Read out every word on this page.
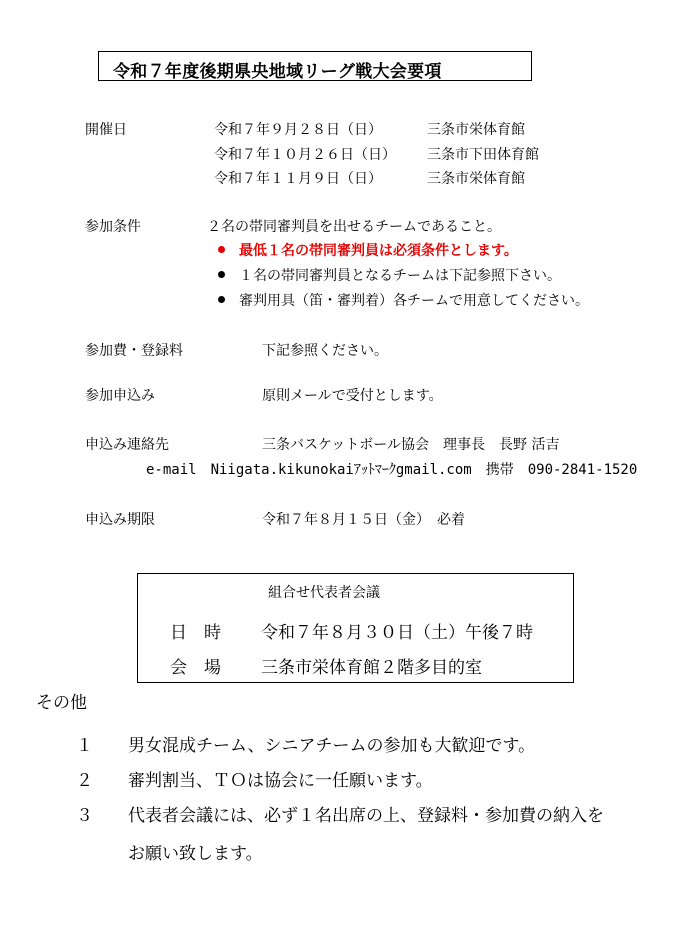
令和７年度後期県央地域リーグ戦大会要項
開催日	令和７年９月２８日（日）	三条市栄体育館
令和７年１０月２６日（日） 三条市下田体育館
令和７年１１月９日（日）	三条市栄体育館
参加条件	２名の帯同審判員を出せるチームであること。
最低１名の帯同審判員は必須条件とします。
１名の帯同審判員となるチームは下記参照下さい。
審判用具（笛・審判着）各チームで用意してください。
参加費・登録料	下記参照ください。
参加申込み	原則メールで受付とします。
申込み連絡先	三条バスケットボール協会　理事長　長野 活吉
e-mail　Niigata.kikunokaiｱｯﾄﾏｰｸgmail.com　携帯　090-2841-1520
申込み期限	令和７年８月１５日（金）　必着
組合せ代表者会議
日　時 令和７年８月３０日（土）午後７時
会　場 三条市栄体育館２階多目的室
その他
１ 男女混成チーム、シニアチームの参加も大歓迎です。
２ 審判割当、ＴＯは協会に一任願います。
３ 代表者会議には、必ず１名出席の上、登録料・参加費の納入を
お願い致します。
